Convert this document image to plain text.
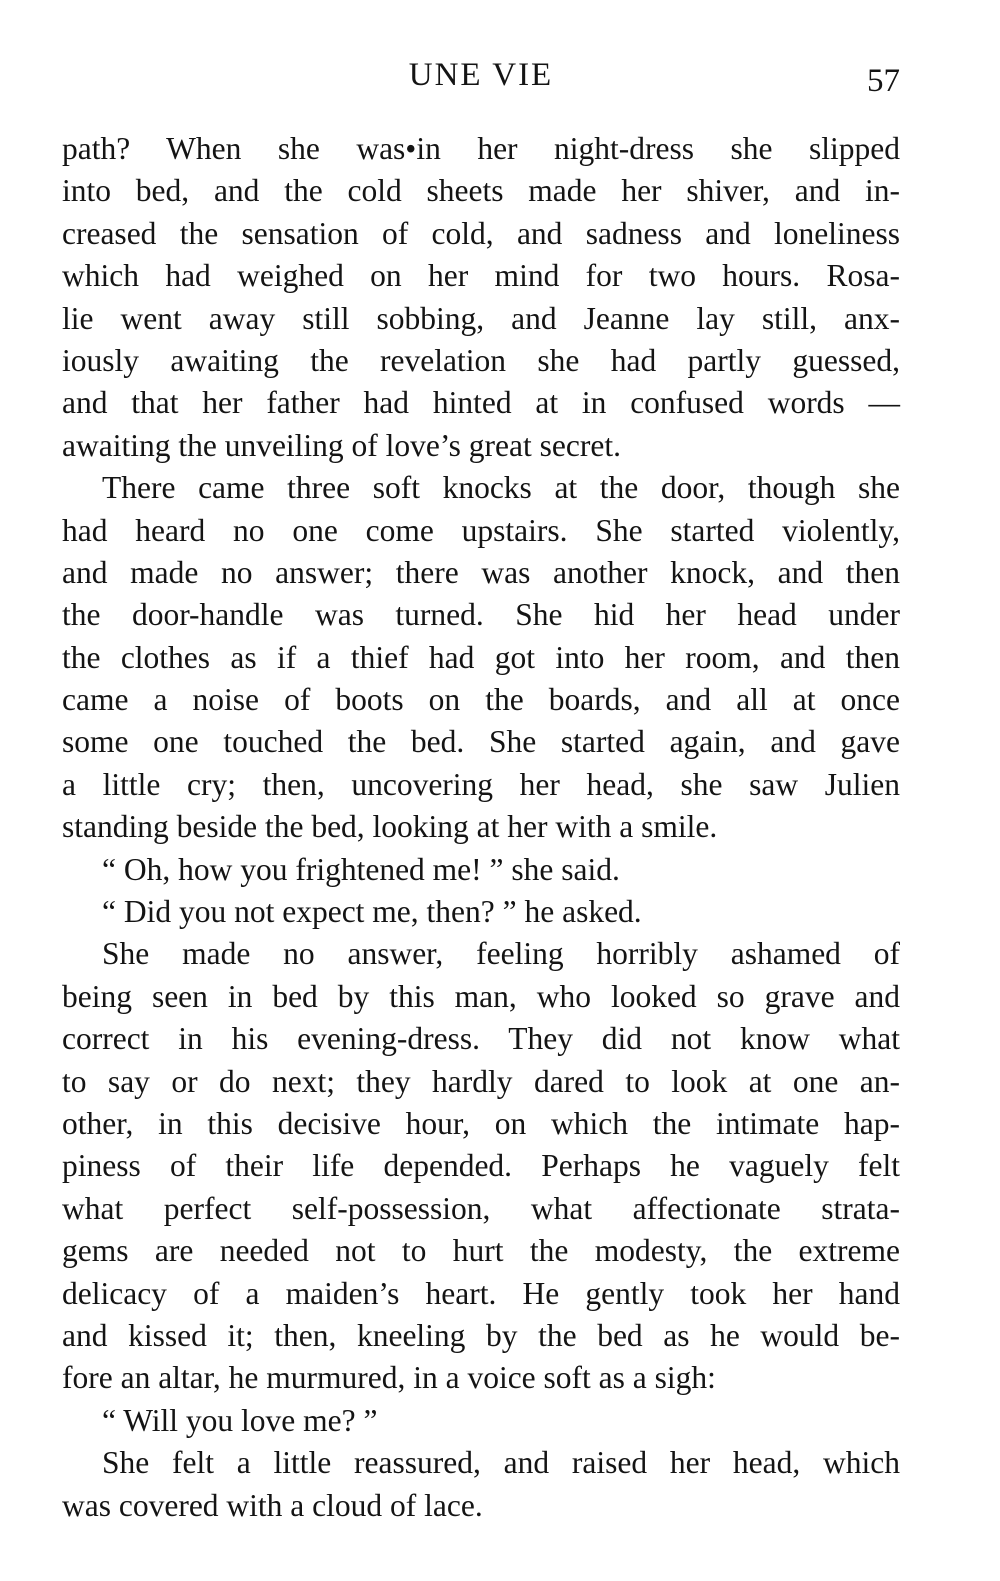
UNE VIE	57
path? When she was•in her night-dress she slipped
into bed, and the cold sheets made her shiver, and in-
creased the sensation of cold, and sadness and loneliness
which had weighed on her mind for two hours. Rosa-
lie went away still sobbing, and Jeanne lay still, anx-
iously awaiting the revelation she had partly guessed,
and that her father had hinted at in confused words —
awaiting the unveiling of love’s great secret.
There came three soft knocks at the door, though she
had heard no one come upstairs. She started violently,
and made no answer; there was another knock, and then
the door-handle was turned. She hid her head under
the clothes as if a thief had got into her room, and then
came a noise of boots on the boards, and all at once
some one touched the bed. She started again, and gave
a little cry; then, uncovering her head, she saw Julien
standing beside the bed, looking at her with a smile.
“ Oh, how you frightened me! ” she said.
“ Did you not expect me, then? ” he asked.
She made no answer, feeling horribly ashamed of
being seen in bed by this man, who looked so grave and
correct in his evening-dress. They did not know what
to say or do next; they hardly dared to look at one an-
other, in this decisive hour, on which the intimate hap-
piness of their life depended. Perhaps he vaguely felt
what perfect self-possession, what affectionate strata-
gems are needed not to hurt the modesty, the extreme
delicacy of a maiden’s heart. He gently took her hand
and kissed it; then, kneeling by the bed as he would be-
fore an altar, he murmured, in a voice soft as a sigh:
“ Will you love me? ”
She felt a little reassured, and raised her head, which
was covered with a cloud of lace.
